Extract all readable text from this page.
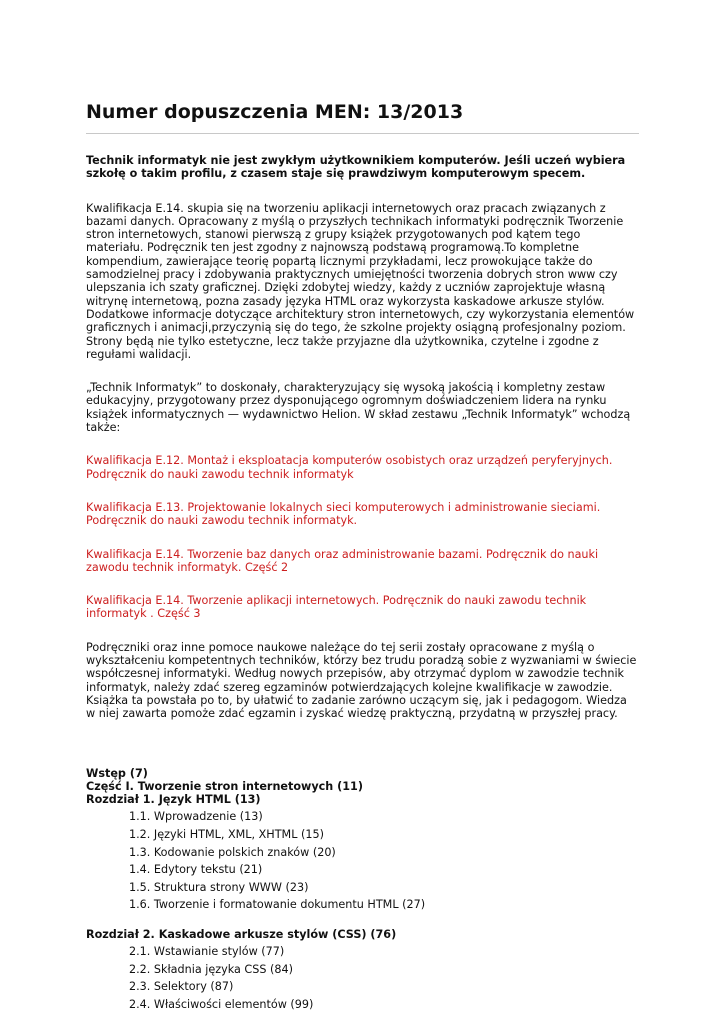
Numer dopuszczenia MEN: 13/2013

Technik informatyk nie jest zwykłym użytkownikiem komputerów. Jeśli uczeń wybiera szkołę o takim profilu, z czasem staje się prawdziwym komputerowym specem.

Kwalifikacja E.14. skupia się na tworzeniu aplikacji internetowych oraz pracach związanych z bazami danych. Opracowany z myślą o przyszłych technikach informatyki podręcznik Tworzenie stron internetowych, stanowi pierwszą z grupy książek przygotowanych pod kątem tego materiału. Podręcznik ten jest zgodny z najnowszą podstawą programową.To kompletne kompendium, zawierające teorię popartą licznymi przykładami, lecz prowokujące także do samodzielnej pracy i zdobywania praktycznych umiejętności tworzenia dobrych stron www czy ulepszania ich szaty graficznej. Dzięki zdobytej wiedzy, każdy z uczniów zaprojektuje własną witrynę internetową, pozna zasady języka HTML oraz wykorzysta kaskadowe arkusze stylów. Dodatkowe informacje dotyczące architektury stron internetowych, czy wykorzystania elementów graficznych i animacji,przyczynią się do tego, że szkolne projekty osiągną profesjonalny poziom. Strony będą nie tylko estetyczne, lecz także przyjazne dla użytkownika, czytelne i zgodne z regułami walidacji.

„Technik Informatyk” to doskonały, charakteryzujący się wysoką jakością i kompletny zestaw edukacyjny, przygotowany przez dysponującego ogromnym doświadczeniem lidera na rynku książek informatycznych — wydawnictwo Helion. W skład zestawu „Technik Informatyk” wchodzą także:

Kwalifikacja E.12. Montaż i eksploatacja komputerów osobistych oraz urządzeń peryferyjnych. Podręcznik do nauki zawodu technik informatyk

Kwalifikacja E.13. Projektowanie lokalnych sieci komputerowych i administrowanie sieciami. Podręcznik do nauki zawodu technik informatyk.

Kwalifikacja E.14. Tworzenie baz danych oraz administrowanie bazami. Podręcznik do nauki zawodu technik informatyk. Część 2

Kwalifikacja E.14. Tworzenie aplikacji internetowych. Podręcznik do nauki zawodu technik informatyk . Część 3

Podręczniki oraz inne pomoce naukowe należące do tej serii zostały opracowane z myślą o wykształceniu kompetentnych techników, którzy bez trudu poradzą sobie z wyzwaniami w świecie współczesnej informatyki. Według nowych przepisów, aby otrzymać dyplom w zawodzie technik informatyk, należy zdać szereg egzaminów potwierdzających kolejne kwalifikacje w zawodzie. Książka ta powstała po to, by ułatwić to zadanie zarówno uczącym się, jak i pedagogom. Wiedza w niej zawarta pomoże zdać egzamin i zyskać wiedzę praktyczną, przydatną w przyszłej pracy.

Wstęp (7)

Część I. Tworzenie stron internetowych (11)

Rozdział 1. Język HTML (13)

1.1. Wprowadzenie (13)
1.2. Języki HTML, XML, XHTML (15)
1.3. Kodowanie polskich znaków (20)
1.4. Edytory tekstu (21)
1.5. Struktura strony WWW (23)
1.6. Tworzenie i formatowanie dokumentu HTML (27)

Rozdział 2. Kaskadowe arkusze stylów (CSS) (76)

2.1. Wstawianie stylów (77)
2.2. Składnia języka CSS (84)
2.3. Selektory (87)
2.4. Właściwości elementów (99)
